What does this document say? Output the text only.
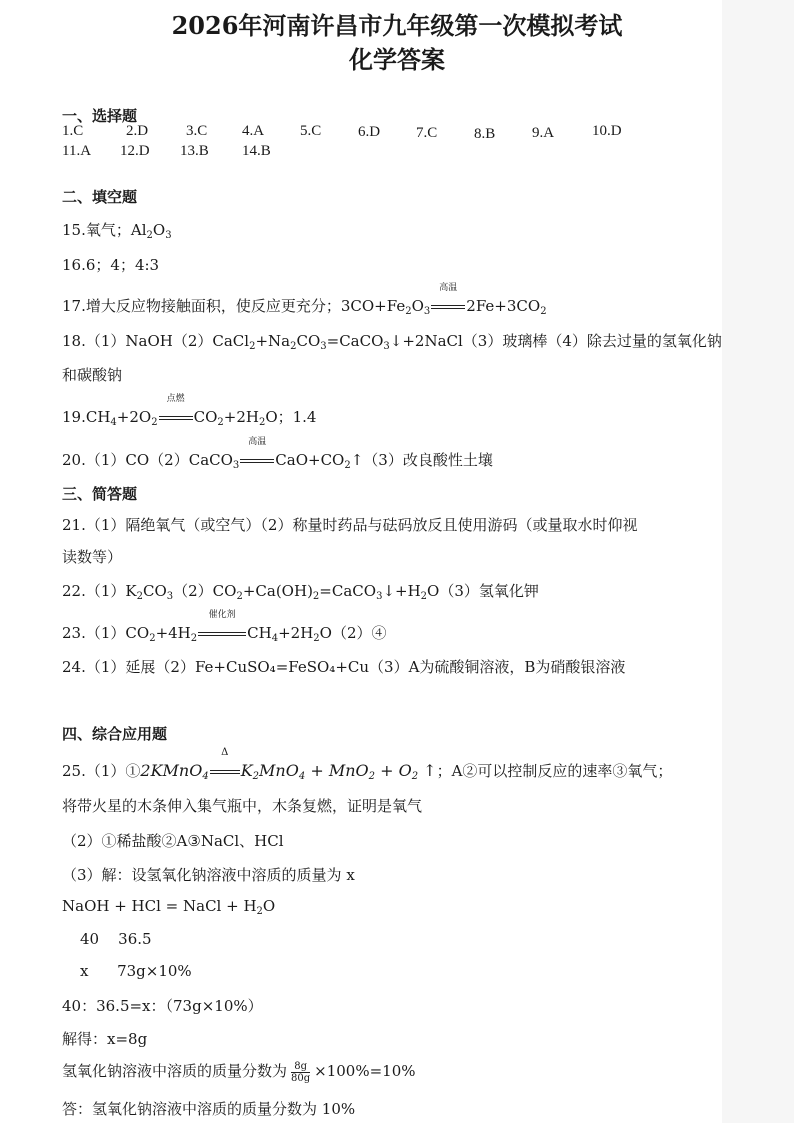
2026年河南许昌市九年级第一次模拟考试
化学答案
一、选择题
1.C	2.D	3.C 4.A 5.C 6.D 7.C 8.B 9.A	10.D
11.A 12.D 13.B 14.B
二、填空题
15.氧气；$Al_2O_3$
16.6；4；4:3
17.增大反应物接触面积，使反应更充分；$3CO+Fe_2O_3$
高温
$2Fe+3CO_2$
$18.(1)NaOH(2)CaCl_2+Na_2CO_3=CaCO_3↓+2NaCl(3)$玻璃棒（4）除去过量的氢氧化钠
和碳酸钠
$19.CH_4+2O_2$
点燃
$CO_2+2H_2O$；1.4
20.（1）CO（2）CaCO$_3$
高温
$CaO+CO_2↑(3)$改良酸性土壤
三、简答题
21.（1）隔绝氧气（或空气）（2）称量时药品与砝码放反且使用游码（或量取水时仰视
读数等）
$22.(1)K_2CO_3(2)CO_2+Ca(OH)_2=CaCO_3↓+H_2O(3)$氢氧化钾
$23.(1)CO_2+4H_2$
催化剂
$CH_4+2H_2O(2)④$
24.（1）延展（2）Fe+CuSO₄=FeSO₄+Cu（3）A为硫酸铜溶液，B为硝酸银溶液
四、综合应用题
25.（1）①2KMnO$_4$
Δ
$K_2MnO_4 + MnO_2 + O_2$ ↑；A②可以控制反应的速率③氧气；
将带火星的木条伸入集气瓶中，木条复燃，证明是氧气
（2）①稀盐酸②A③NaCl、HCl
（3）解：设氢氧化钠溶液中溶质的质量为 x
NaOH + HCl = NaCl + $H_2O$
40    36.5
x      73g×10%
40：36.5=x：（73g×10%）
解得：x=8g
氢氧化钠溶液中溶质的质量分数为 $\frac{8g}{80g} \times 100\%=10\%$
答：氢氧化钠溶液中溶质的质量分数为 10%
